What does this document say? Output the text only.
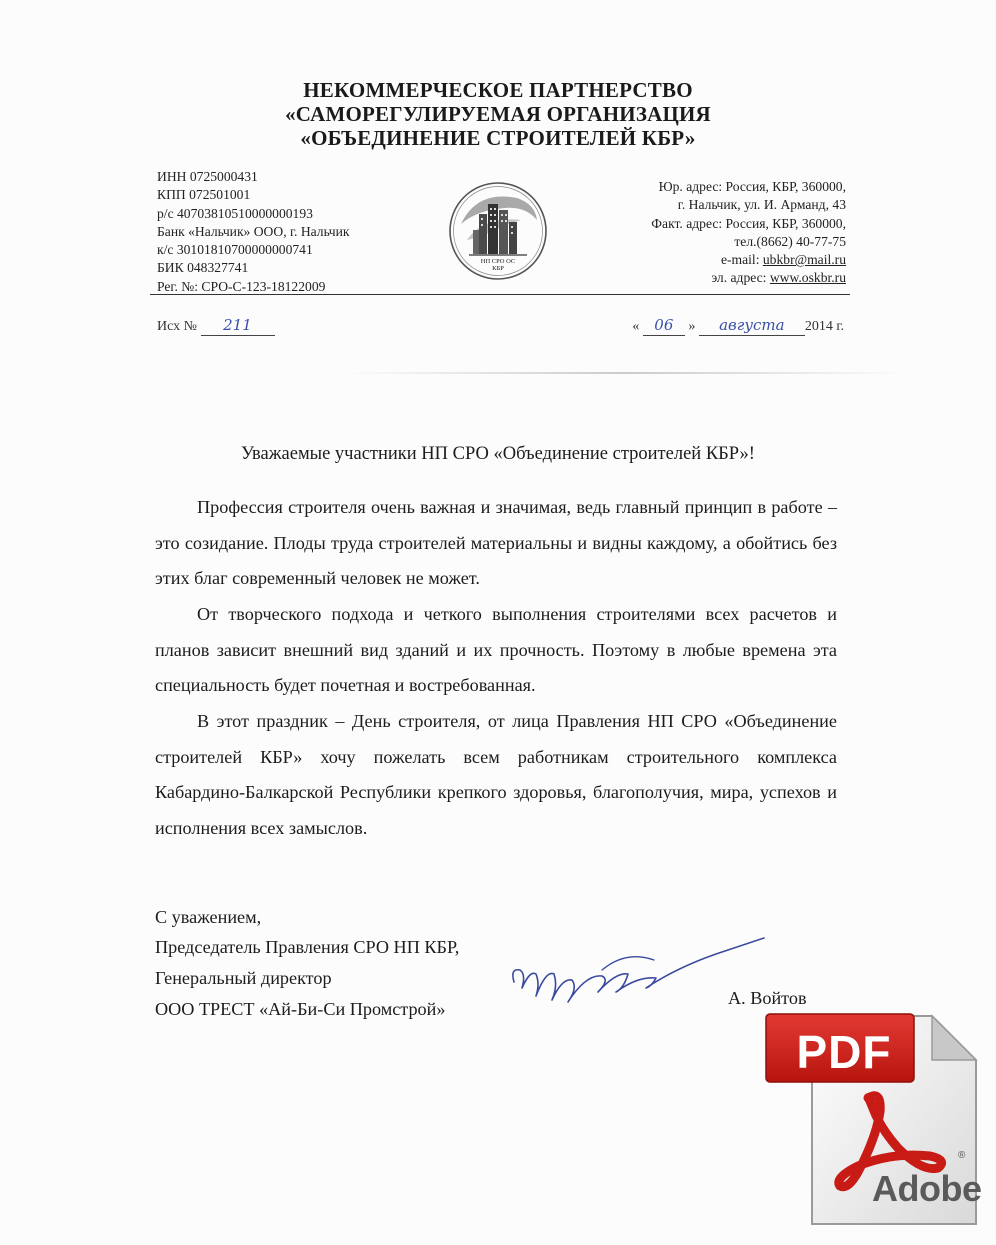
НЕКОММЕРЧЕСКОЕ ПАРТНЕРСТВО
«САМОРЕГУЛИРУЕМАЯ ОРГАНИЗАЦИЯ
«ОБЪЕДИНЕНИЕ СТРОИТЕЛЕЙ КБР»
ИНН 0725000431
КПП 072501001
р/с 40703810510000000193
Банк «Нальчик» ООО, г. Нальчик
к/с 30101810700000000741
БИК 048327741
Рег. №: СРО-С-123-18122009
НП СРО ОС
КБР
Юр. адрес: Россия, КБР, 360000,
г. Нальчик, ул. И. Арманд, 43
Факт. адрес: Россия, КБР, 360000,
тел.(8662) 40-77-75
e-mail: ubkbr@mail.ru
эл. адрес: www.oskbr.ru
Исх № 211	« 06 » августа 2014 г.
Уважаемые участники НП СРО «Объединение строителей КБР»!

Профессия строителя очень важная и значимая, ведь главный принцип в работе – это созидание. Плоды труда строителей материальны и видны каждому, а обойтись без этих благ современный человек не может.

От творческого подхода и четкого выполнения строителями всех расчетов и планов зависит внешний вид зданий и их прочность. Поэтому в любые времена эта специальность будет почетная и востребованная.

В этот праздник – День строителя, от лица Правления НП СРО «Объединение строителей КБР» хочу пожелать всем работникам строительного комплекса Кабардино-Балкарской Республики крепкого здоровья, благополучия, мира, успехов и исполнения всех замыслов.

С уважением,
Председатель Правления СРО НП КБР,
Генеральный директор
ООО ТРЕСТ «Ай-Би-Си Промстрой»
А. Войтов
®
PDF
Adobe
